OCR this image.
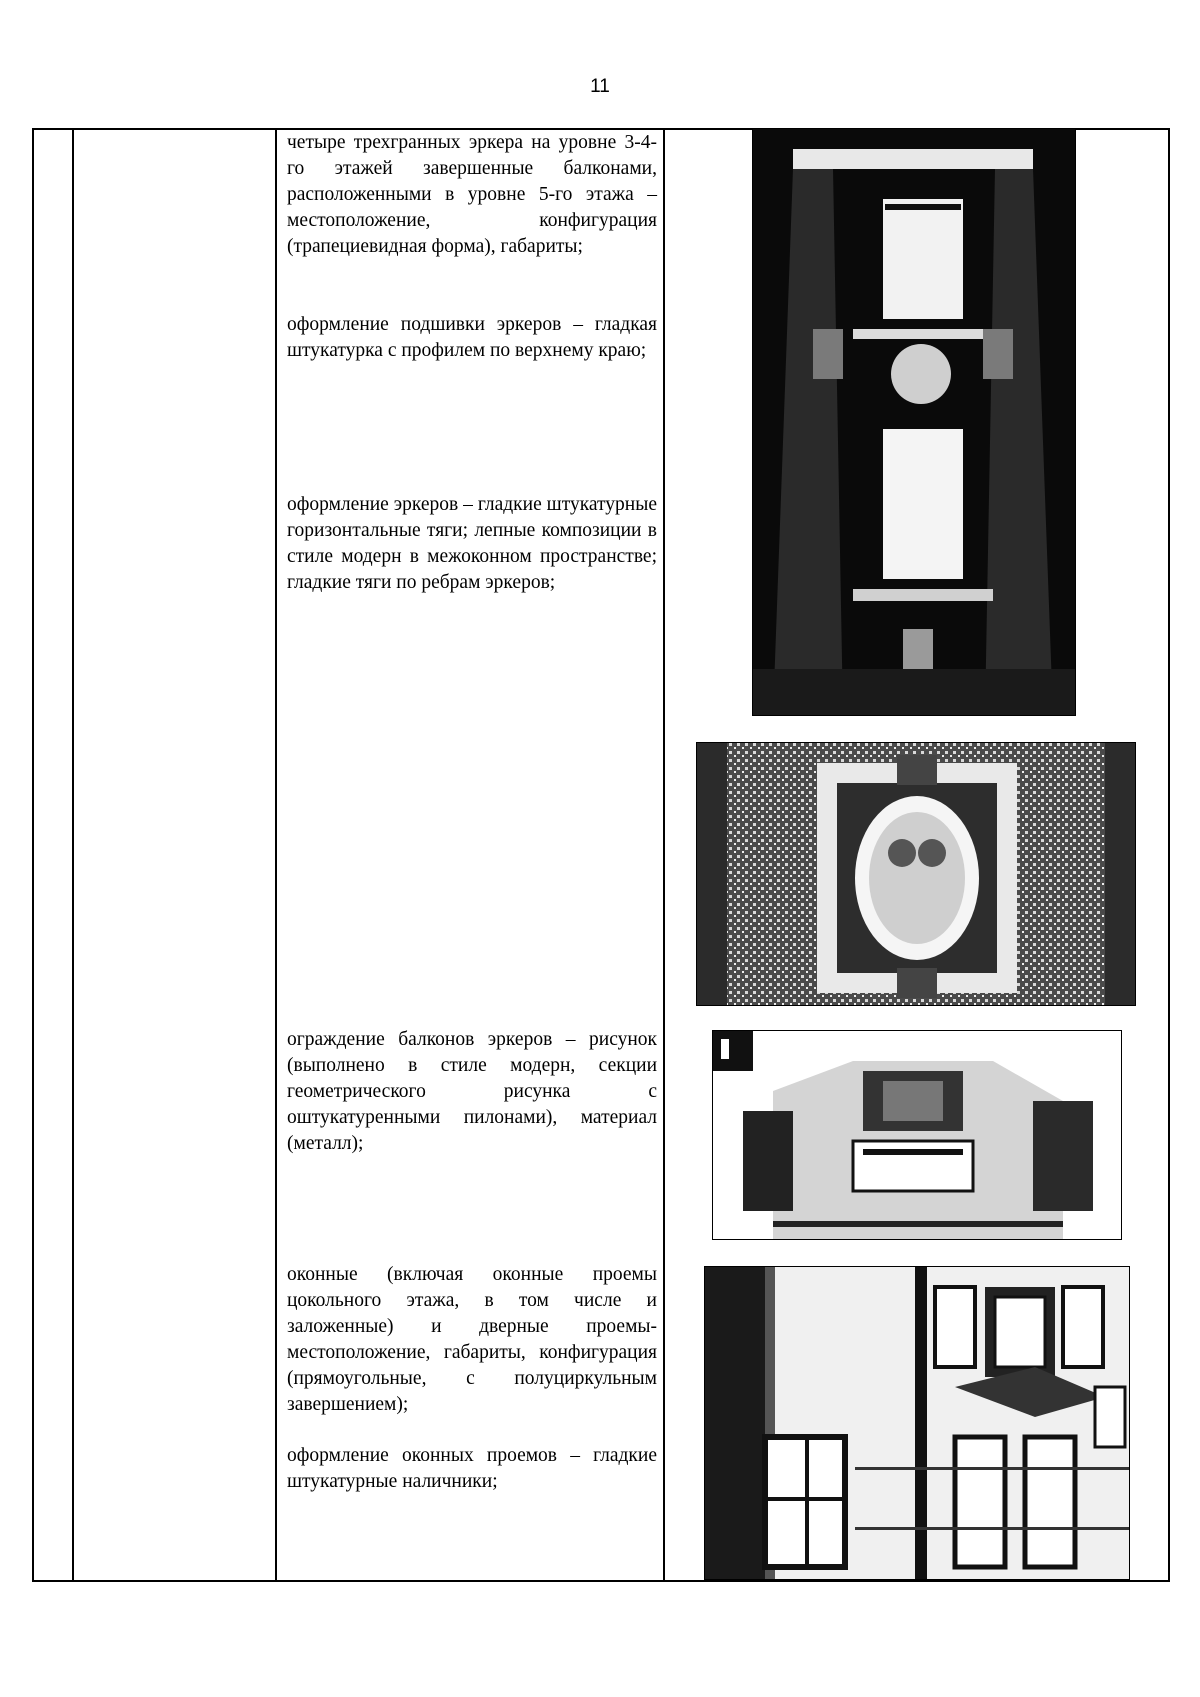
11

четыре трехгранных эркера на уровне 3-4-го этажей завершенные балконами, расположенными в уровне 5-го этажа – местоположение, конфигурация (трапециевидная форма), габариты;

оформление подшивки эркеров – гладкая штукатурка с профилем по верхнему краю;

оформление эркеров – гладкие штукатурные горизонтальные тяги; лепные композиции в стиле модерн в межоконном пространстве; гладкие тяги по ребрам эркеров;

ограждение балконов эркеров – рисунок (выполнено в стиле модерн, секции геометрического рисунка с оштукатуренными пилонами), материал (металл);

оконные (включая оконные проемы цокольного этажа, в том числе и заложенные) и дверные проемы-местоположение, габариты, конфигурация (прямоугольные, с полуциркульным завершением);

оформление оконных проемов – гладкие штукатурные наличники;
